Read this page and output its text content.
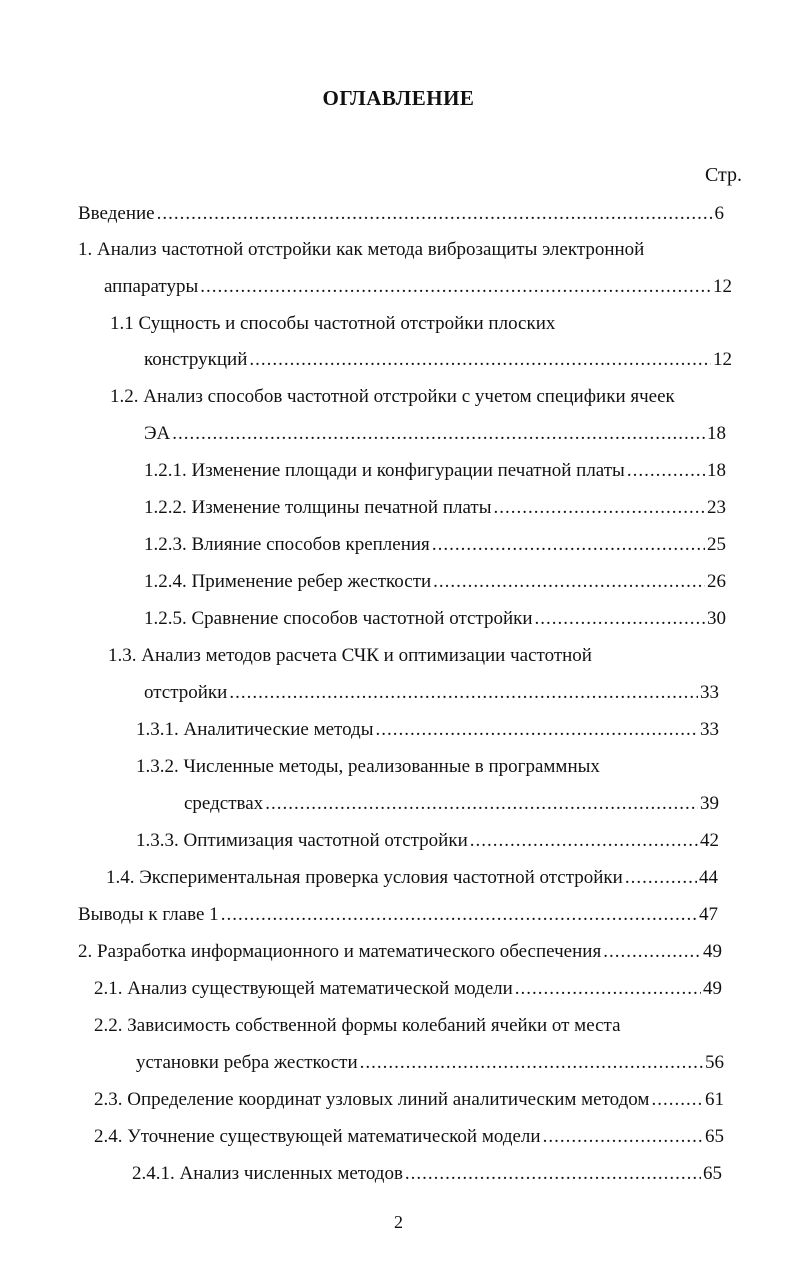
ОГЛАВЛЕНИЕ
Стр.
Введение .....	6
1. Анализ частотной отстройки как метода виброзащиты электронной
аппаратуры .....	12
1.1 Сущность и способы частотной отстройки плоских
конструкций .....	12
1.2. Анализ способов частотной отстройки с учетом специфики ячеек
ЭА .....	18
1.2.1. Изменение площади и конфигурации печатной платы .....	18
1.2.2. Изменение толщины печатной платы .....	23
1.2.3. Влияние способов крепления .....	25
1.2.4. Применение ребер жесткости .....	26
1.2.5. Сравнение способов частотной отстройки .....	30
1.3. Анализ методов расчета СЧК и оптимизации частотной
отстройки .....	33
1.3.1. Аналитические методы .....	33
1.3.2. Численные методы, реализованные в программных
средствах .....	39
1.3.3. Оптимизация частотной отстройки .....	42
1.4. Экспериментальная проверка условия частотной отстройки .....	44
Выводы к главе 1 .....	47
2. Разработка информационного и математического обеспечения .....	49
2.1. Анализ существующей математической модели .....	49
2.2. Зависимость собственной формы колебаний ячейки от места
установки ребра жесткости .....	56
2.3. Определение координат узловых линий аналитическим методом .....	61
2.4. Уточнение существующей математической модели .....	65
2.4.1. Анализ численных методов .....	65
2
